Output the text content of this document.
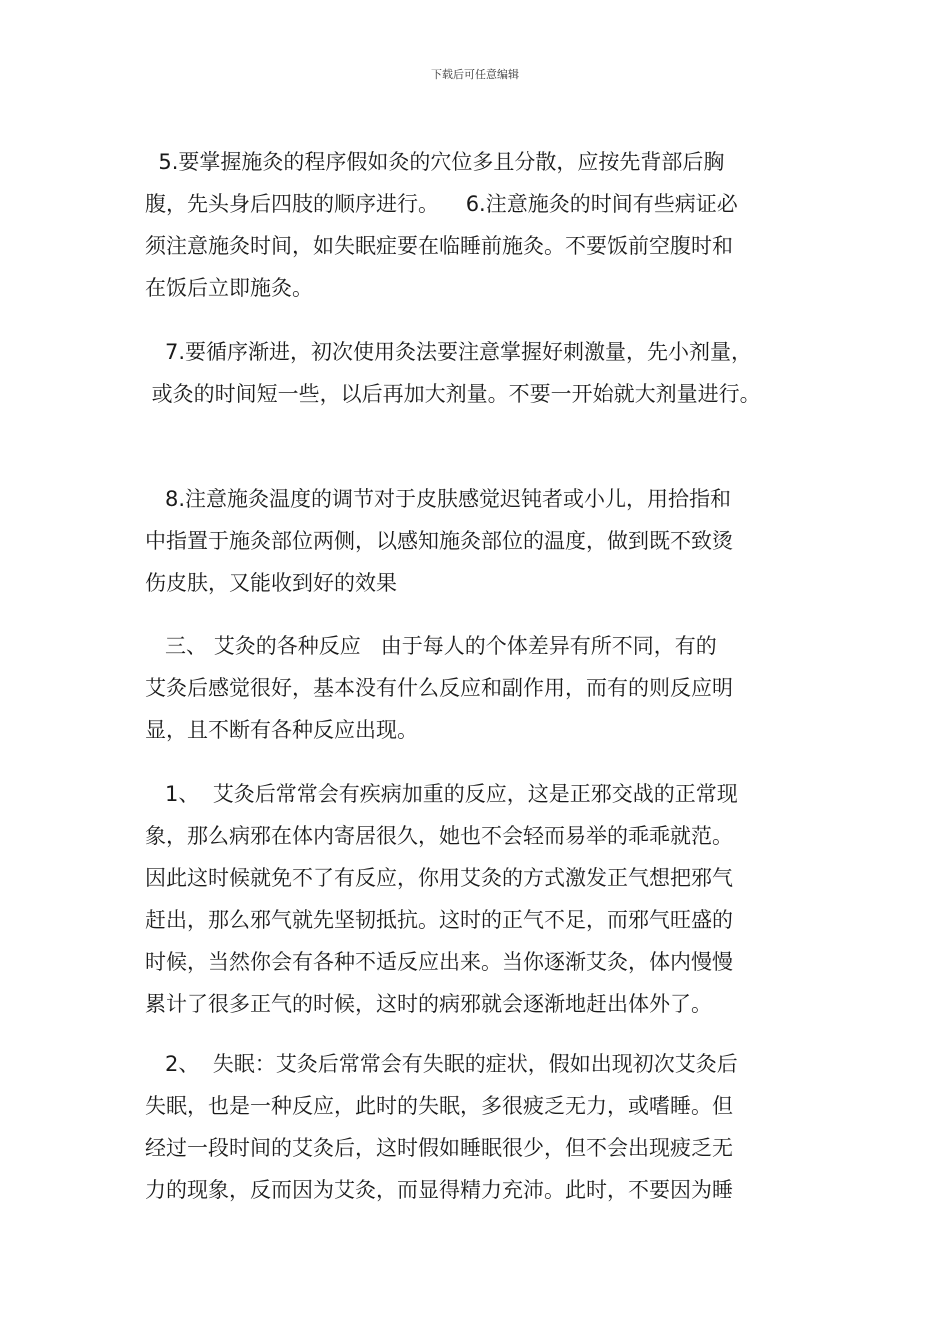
下载后可任意编辑
5.要掌握施灸的程序假如灸的穴位多且分散，应按先背部后胸
腹，先头身后四肢的顺序进行。    6.注意施灸的时间有些病证必
须注意施灸时间，如失眠症要在临睡前施灸。不要饭前空腹时和
在饭后立即施灸。
7.要循序渐进，初次使用灸法要注意掌握好刺激量，先小剂量，
或灸的时间短一些，以后再加大剂量。不要一开始就大剂量进行。
8.注意施灸温度的调节对于皮肤感觉迟钝者或小儿，用拾指和
中指置于施灸部位两侧，以感知施灸部位的温度，做到既不致烫
伤皮肤，又能收到好的效果
三、 艾灸的各种反应   由于每人的个体差异有所不同，有的
艾灸后感觉很好，基本没有什么反应和副作用，而有的则反应明
显，且不断有各种反应出现。
1、  艾灸后常常会有疾病加重的反应，这是正邪交战的正常现
象，那么病邪在体内寄居很久，她也不会轻而易举的乖乖就范。
因此这时候就免不了有反应，你用艾灸的方式激发正气想把邪气
赶出，那么邪气就先坚韧抵抗。这时的正气不足，而邪气旺盛的
时候，当然你会有各种不适反应出来。当你逐渐艾灸，体内慢慢
累计了很多正气的时候，这时的病邪就会逐渐地赶出体外了。
2、  失眠：艾灸后常常会有失眠的症状，假如出现初次艾灸后
失眠，也是一种反应，此时的失眠，多很疲乏无力，或嗜睡。但
经过一段时间的艾灸后，这时假如睡眠很少，但不会出现疲乏无
力的现象，反而因为艾灸，而显得精力充沛。此时，不要因为睡
